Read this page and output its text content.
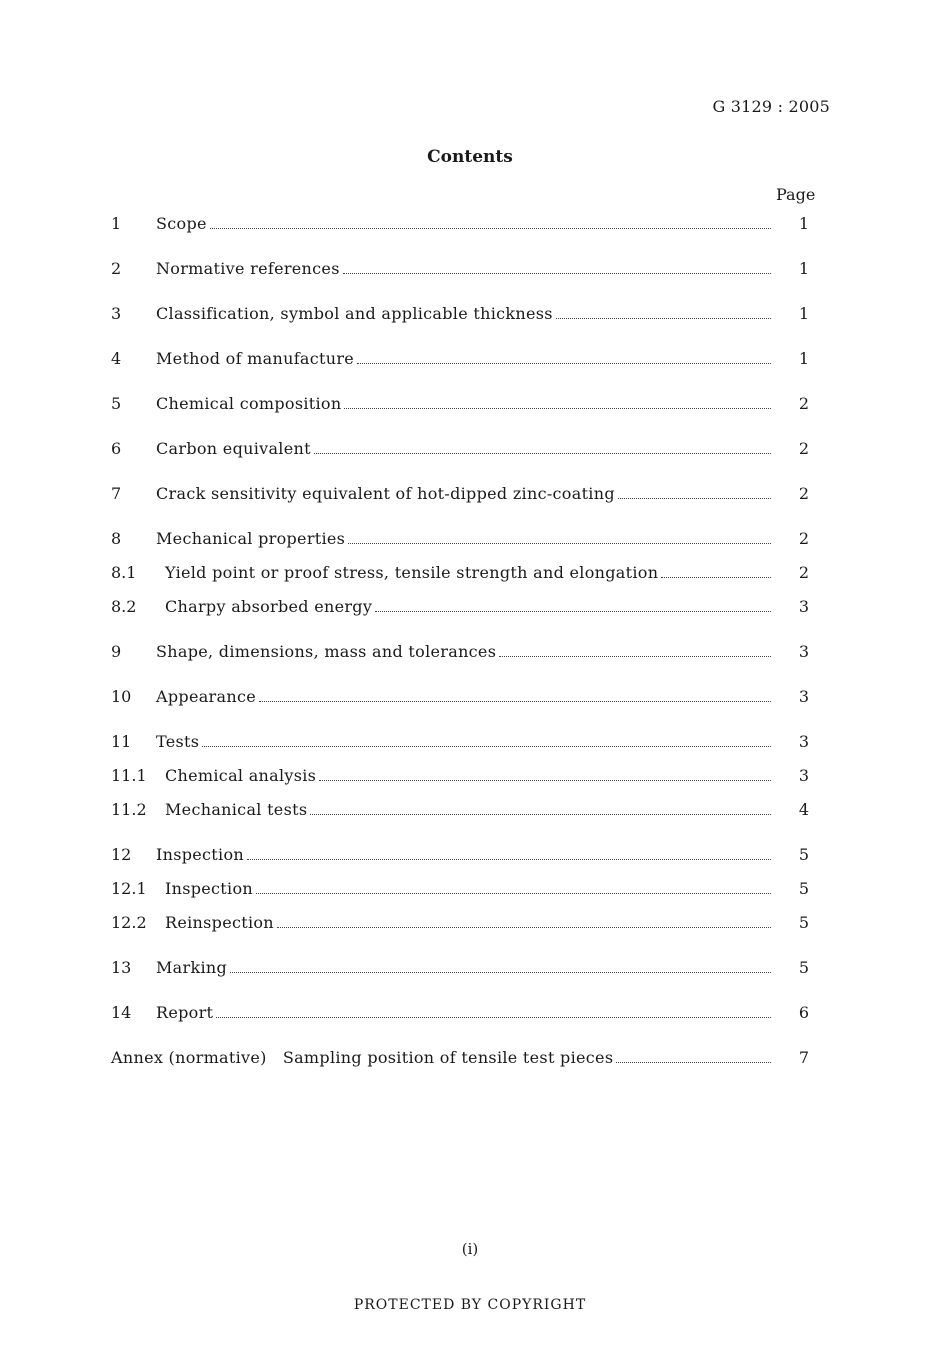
G 3129 : 2005
Contents
Page
1 Scope	1
2 Normative references	1
3 Classification, symbol and applicable thickness	1
4 Method of manufacture	1
5 Chemical composition	2
6 Carbon equivalent	2
7 Crack sensitivity equivalent of hot-dipped zinc-coating	2
8 Mechanical properties	2
8.1 Yield point or proof stress, tensile strength and elongation	2
8.2 Charpy absorbed energy	3
9 Shape, dimensions, mass and tolerances	3
10 Appearance	3
11 Tests	3
11.1 Chemical analysis	3
11.2 Mechanical tests	4
12 Inspection	5
12.1 Inspection	5
12.2 Reinspection	5
13 Marking	5
14 Report	6
Annex (normative)   Sampling position of tensile test pieces	7
(i)
PROTECTED BY COPYRIGHT
